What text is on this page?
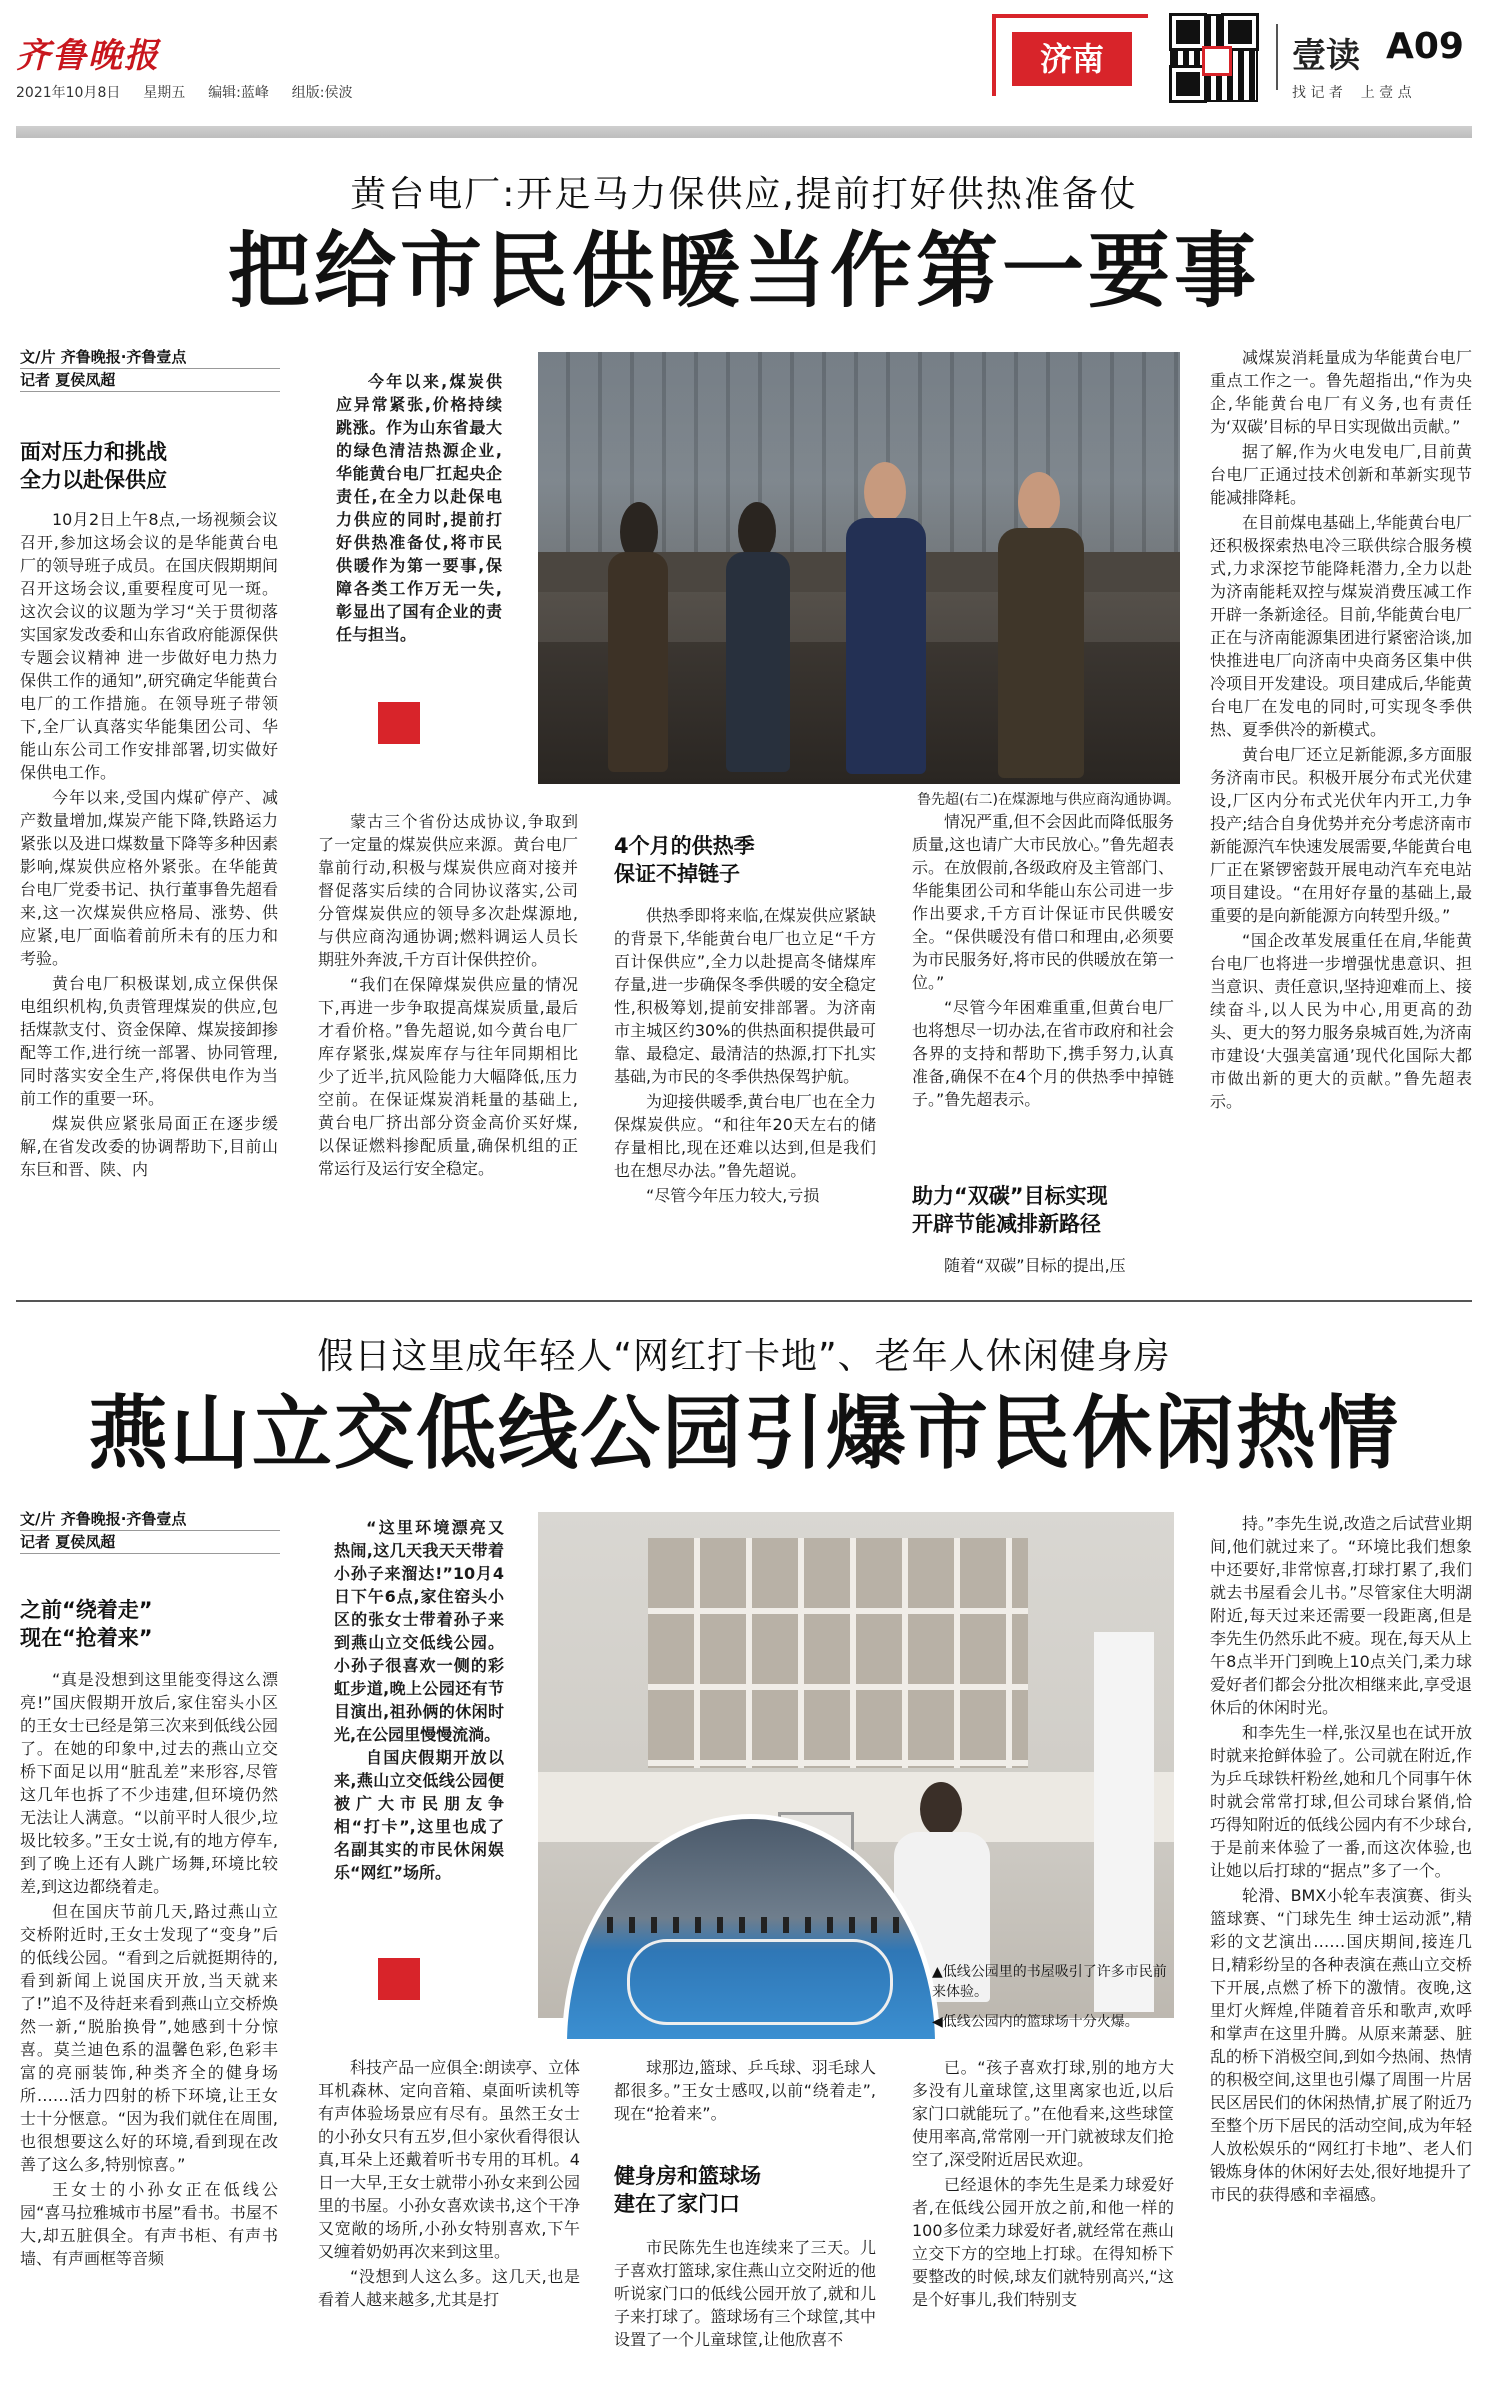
齐鲁晚报
2021年10月8日 星期五 编辑:蓝峰 组版:侯波
济南	壹读 A09
找 记 者    上 壹 点
黄台电厂:开足马力保供应,提前打好供热准备仗
把给市民供暖当作第一要事
文/片 齐鲁晚报·齐鲁壹点
记者 夏侯凤超
面对压力和挑战
全力以赴保供应

10月2日上午8点,一场视频会议召开,参加这场会议的是华能黄台电厂的领导班子成员。在国庆假期期间召开这场会议,重要程度可见一斑。这次会议的议题为学习“关于贯彻落实国家发改委和山东省政府能源保供专题会议精神 进一步做好电力热力保供工作的通知”,研究确定华能黄台电厂的工作措施。在领导班子带领下,全厂认真落实华能集团公司、华能山东公司工作安排部署,切实做好保供电工作。

今年以来,受国内煤矿停产、减产数量增加,煤炭产能下降,铁路运力紧张以及进口煤数量下降等多种因素影响,煤炭供应格外紧张。在华能黄台电厂党委书记、执行董事鲁先超看来,这一次煤炭供应格局、涨势、供应紧,电厂面临着前所未有的压力和考验。

黄台电厂积极谋划,成立保供保电组织机构,负责管理煤炭的供应,包括煤款支付、资金保障、煤炭接卸掺配等工作,进行统一部署、协同管理,同时落实安全生产,将保供电作为当前工作的重要一环。

煤炭供应紧张局面正在逐步缓解,在省发改委的协调帮助下,目前山东巨和晋、陕、内

今年以来,煤炭供应异常紧张,价格持续跳涨。作为山东省最大的绿色清洁热源企业,华能黄台电厂扛起央企责任,在全力以赴保电力供应的同时,提前打好供热准备仗,将市民供暖作为第一要事,保障各类工作万无一失,彰显出了国有企业的责任与担当。

鲁先超(右二)在煤源地与供应商沟通协调。

蒙古三个省份达成协议,争取到了一定量的煤炭供应来源。黄台电厂靠前行动,积极与煤炭供应商对接并督促落实后续的合同协议落实,公司分管煤炭供应的领导多次赴煤源地,与供应商沟通协调;燃料调运人员长期驻外奔波,千方百计保供控价。

“我们在保障煤炭供应量的情况下,再进一步争取提高煤炭质量,最后才看价格。”鲁先超说,如今黄台电厂库存紧张,煤炭库存与往年同期相比少了近半,抗风险能力大幅降低,压力空前。在保证煤炭消耗量的基础上,黄台电厂挤出部分资金高价买好煤,以保证燃料掺配质量,确保机组的正常运行及运行安全稳定。

4个月的供热季
保证不掉链子

供热季即将来临,在煤炭供应紧缺的背景下,华能黄台电厂也立足“千方百计保供应”,全力以赴提高冬储煤库存量,进一步确保冬季供暖的安全稳定性,积极筹划,提前安排部署。为济南市主城区约30%的供热面积提供最可靠、最稳定、最清洁的热源,打下扎实基础,为市民的冬季供热保驾护航。

为迎接供暖季,黄台电厂也在全力保煤炭供应。“和往年20天左右的储存量相比,现在还难以达到,但是我们也在想尽办法。”鲁先超说。

“尽管今年压力较大,亏损

情况严重,但不会因此而降低服务质量,这也请广大市民放心。”鲁先超表示。在放假前,各级政府及主管部门、华能集团公司和华能山东公司进一步作出要求,千方百计保证市民供暖安全。“保供暖没有借口和理由,必须要为市民服务好,将市民的供暖放在第一位。”

“尽管今年困难重重,但黄台电厂也将想尽一切办法,在省市政府和社会各界的支持和帮助下,携手努力,认真准备,确保不在4个月的供热季中掉链子。”鲁先超表示。

助力“双碳”目标实现
开辟节能减排新路径

随着“双碳”目标的提出,压

减煤炭消耗量成为华能黄台电厂重点工作之一。鲁先超指出,“作为央企,华能黄台电厂有义务,也有责任为‘双碳’目标的早日实现做出贡献。”

据了解,作为火电发电厂,目前黄台电厂正通过技术创新和革新实现节能减排降耗。

在目前煤电基础上,华能黄台电厂还积极探索热电冷三联供综合服务模式,力求深挖节能降耗潜力,全力以赴为济南能耗双控与煤炭消费压减工作开辟一条新途径。目前,华能黄台电厂正在与济南能源集团进行紧密洽谈,加快推进电厂向济南中央商务区集中供冷项目开发建设。项目建成后,华能黄台电厂在发电的同时,可实现冬季供热、夏季供冷的新模式。

黄台电厂还立足新能源,多方面服务济南市民。积极开展分布式光伏建设,厂区内分布式光伏年内开工,力争投产;结合自身优势并充分考虑济南市新能源汽车快速发展需要,华能黄台电厂正在紧锣密鼓开展电动汽车充电站项目建设。“在用好存量的基础上,最重要的是向新能源方向转型升级。”

“国企改革发展重任在肩,华能黄台电厂也将进一步增强忧患意识、担当意识、责任意识,坚持迎难而上、接续奋斗,以人民为中心,用更高的劲头、更大的努力服务泉城百姓,为济南市建设‘大强美富通’现代化国际大都市做出新的更大的贡献。”鲁先超表示。

假日这里成年轻人“网红打卡地”、老年人休闲健身房
燕山立交低线公园引爆市民休闲热情
文/片 齐鲁晚报·齐鲁壹点
记者 夏侯凤超
之前“绕着走”
现在“抢着来”

“真是没想到这里能变得这么漂亮!”国庆假期开放后,家住窑头小区的王女士已经是第三次来到低线公园了。在她的印象中,过去的燕山立交桥下面足以用“脏乱差”来形容,尽管这几年也拆了不少违建,但环境仍然无法让人满意。“以前平时人很少,垃圾比较多。”王女士说,有的地方停车,到了晚上还有人跳广场舞,环境比较差,到这边都绕着走。

但在国庆节前几天,路过燕山立交桥附近时,王女士发现了“变身”后的低线公园。“看到之后就挺期待的,看到新闻上说国庆开放,当天就来了!”追不及待赶来看到燕山立交桥焕然一新,“脱胎换骨”,她感到十分惊喜。莫兰迪色系的温馨色彩,色彩丰富的亮丽装饰,种类齐全的健身场所……活力四射的桥下环境,让王女士十分惬意。“因为我们就住在周围,也很想要这么好的环境,看到现在改善了这么多,特别惊喜。”

王女士的小孙女正在低线公园“喜马拉雅城市书屋”看书。书屋不大,却五脏俱全。有声书柜、有声书墙、有声画框等音频

“这里环境漂亮又热闹,这几天我天天带着小孙子来溜达!”10月4日下午6点,家住窑头小区的张女士带着孙子来到燕山立交低线公园。小孙子很喜欢一侧的彩虹步道,晚上公园还有节目演出,祖孙俩的休闲时光,在公园里慢慢流淌。

自国庆假期开放以来,燕山立交低线公园便被广大市民朋友争相“打卡”,这里也成了名副其实的市民休闲娱乐“网红”场所。

▲低线公园里的书屋吸引了许多市民前来体验。
◀低线公园内的篮球场十分火爆。

科技产品一应俱全:朗读亭、立体耳机森林、定向音箱、桌面听读机等有声体验场景应有尽有。虽然王女士的小孙女只有五岁,但小家伙看得很认真,耳朵上还戴着听书专用的耳机。4日一大早,王女士就带小孙女来到公园里的书屋。小孙女喜欢读书,这个干净又宽敞的场所,小孙女特别喜欢,下午又缠着奶奶再次来到这里。

“没想到人这么多。这几天,也是看着人越来越多,尤其是打

球那边,篮球、乒乓球、羽毛球人都很多。”王女士感叹,以前“绕着走”,现在“抢着来”。

健身房和篮球场
建在了家门口

市民陈先生也连续来了三天。儿子喜欢打篮球,家住燕山立交附近的他听说家门口的低线公园开放了,就和儿子来打球了。篮球场有三个球筐,其中设置了一个儿童球筐,让他欣喜不

已。“孩子喜欢打球,别的地方大多没有儿童球筐,这里离家也近,以后家门口就能玩了。”在他看来,这些球筐使用率高,常常刚一开门就被球友们抢空了,深受附近居民欢迎。

已经退休的李先生是柔力球爱好者,在低线公园开放之前,和他一样的100多位柔力球爱好者,就经常在燕山立交下方的空地上打球。在得知桥下要整改的时候,球友们就特别高兴,“这是个好事儿,我们特别支

持。”李先生说,改造之后试营业期间,他们就过来了。“环境比我们想象中还要好,非常惊喜,打球打累了,我们就去书屋看会儿书。”尽管家住大明湖附近,每天过来还需要一段距离,但是李先生仍然乐此不疲。现在,每天从上午8点半开门到晚上10点关门,柔力球爱好者们都会分批次相继来此,享受退休后的休闲时光。

和李先生一样,张汉星也在试开放时就来抢鲜体验了。公司就在附近,作为乒乓球铁杆粉丝,她和几个同事午休时就会常常打球,但公司球台紧俏,恰巧得知附近的低线公园内有不少球台,于是前来体验了一番,而这次体验,也让她以后打球的“据点”多了一个。

轮滑、BMX小轮车表演赛、街头篮球赛、“门球先生 绅士运动派”,精彩的文艺演出……国庆期间,接连几日,精彩纷呈的各种表演在燕山立交桥下开展,点燃了桥下的激情。夜晚,这里灯火辉煌,伴随着音乐和歌声,欢呼和掌声在这里升腾。从原来萧瑟、脏乱的桥下消极空间,到如今热闹、热情的积极空间,这里也引爆了周围一片居民区居民们的休闲热情,扩展了附近乃至整个历下居民的活动空间,成为年轻人放松娱乐的“网红打卡地”、老人们锻炼身体的休闲好去处,很好地提升了市民的获得感和幸福感。
